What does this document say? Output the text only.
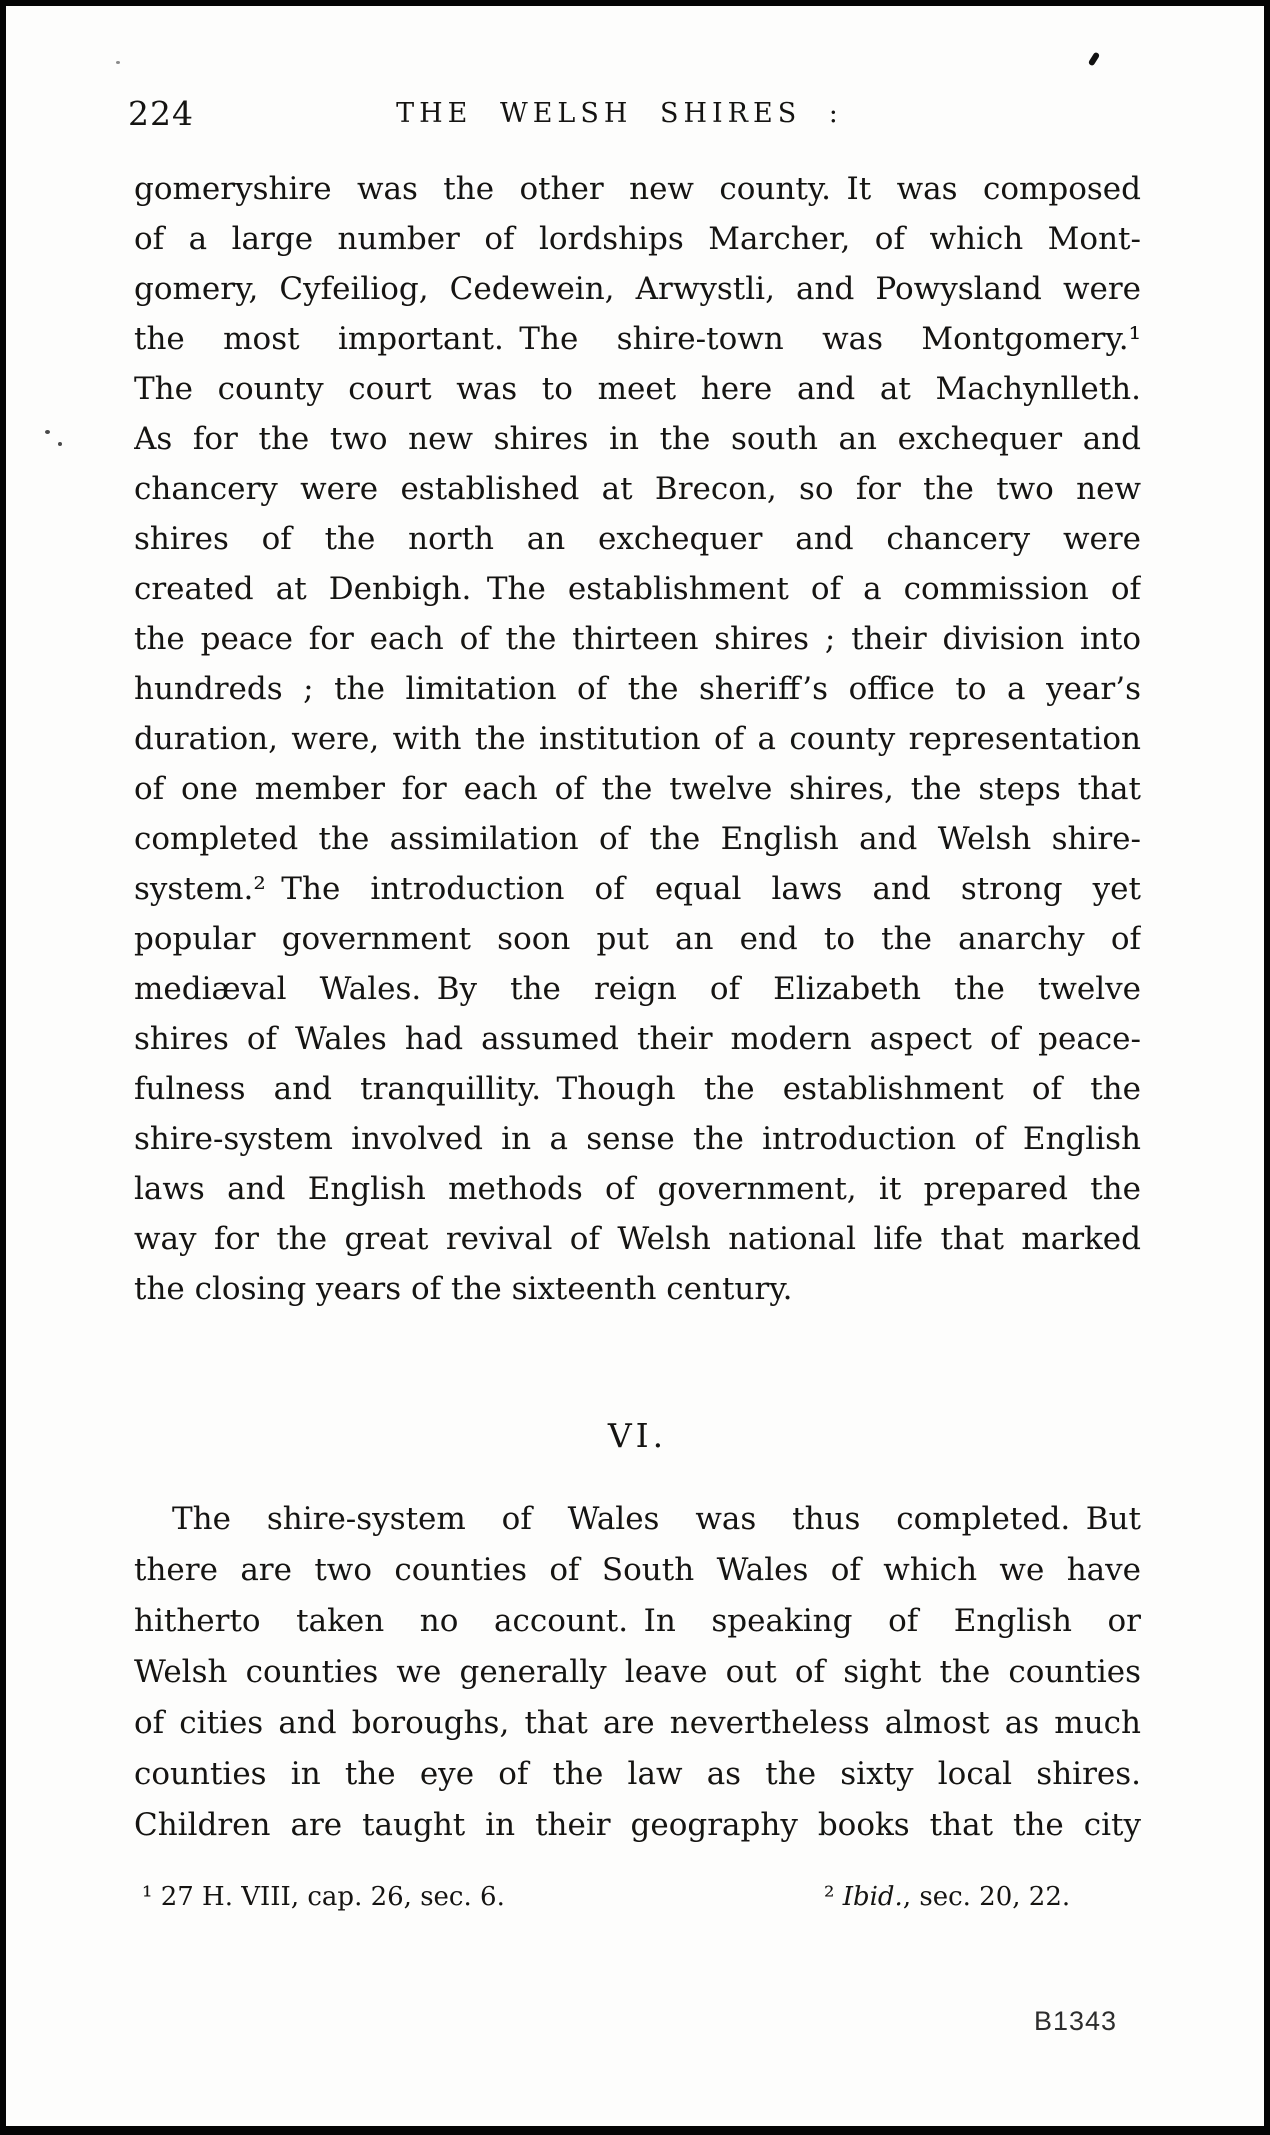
224	THE WELSH SHIRES :
gomeryshire was the other new county. It was composed
of a large number of lordships Marcher, of which Mont-
gomery, Cyfeiliog, Cedewein, Arwystli, and Powysland were
the most important. The shire-town was Montgomery.¹
The county court was to meet here and at Machynlleth.
As for the two new shires in the south an exchequer and
chancery were established at Brecon, so for the two new
shires of the north an exchequer and chancery were
created at Denbigh. The establishment of a commission of
the peace for each of the thirteen shires ; their division into
hundreds ; the limitation of the sheriff’s office to a year’s
duration, were, with the institution of a county representation
of one member for each of the twelve shires, the steps that
completed the assimilation of the English and Welsh shire-
system.² The introduction of equal laws and strong yet
popular government soon put an end to the anarchy of
mediæval Wales. By the reign of Elizabeth the twelve
shires of Wales had assumed their modern aspect of peace-
fulness and tranquillity. Though the establishment of the
shire-system involved in a sense the introduction of English
laws and English methods of government, it prepared the
way for the great revival of Welsh national life that marked
the closing years of the sixteenth century.
VI.
The shire-system of Wales was thus completed. But
there are two counties of South Wales of which we have
hitherto taken no account. In speaking of English or
Welsh counties we generally leave out of sight the counties
of cities and boroughs, that are nevertheless almost as much
counties in the eye of the law as the sixty local shires.
Children are taught in their geography books that the city
¹ 27 H. VIII, cap. 26, sec. 6.	² Ibid., sec. 20, 22.
B1343
